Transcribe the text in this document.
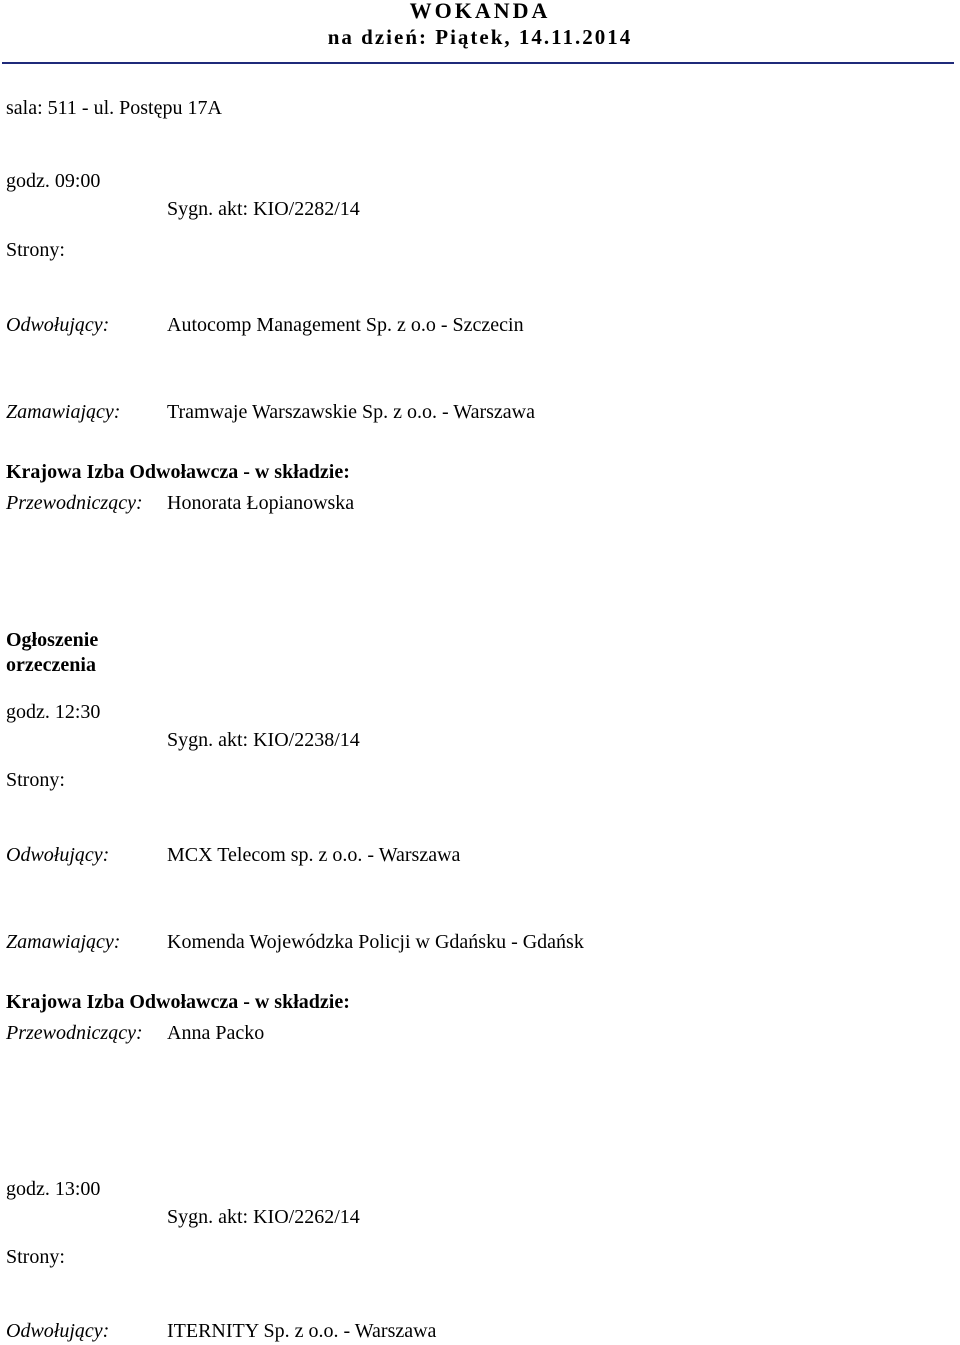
WOKANDA
na dzień: Piątek, 14.11.2014
sala: 511 - ul. Postępu 17A
godz. 09:00
Sygn. akt: KIO/2282/14
Strony:
Odwołujący:	Autocomp Management Sp. z o.o - Szczecin
Zamawiający: Tramwaje Warszawskie Sp. z o.o. - Warszawa
Krajowa Izba Odwoławcza - w składzie:
Przewodniczący: Honorata Łopianowska
Ogłoszenie
orzeczenia
godz. 12:30
Sygn. akt: KIO/2238/14
Strony:
Odwołujący:	MCX Telecom sp. z o.o. - Warszawa
Zamawiający: Komenda Wojewódzka Policji w Gdańsku - Gdańsk
Krajowa Izba Odwoławcza - w składzie:
Przewodniczący: Anna Packo
godz. 13:00
Sygn. akt: KIO/2262/14
Strony:
Odwołujący:	ITERNITY Sp. z o.o. - Warszawa
